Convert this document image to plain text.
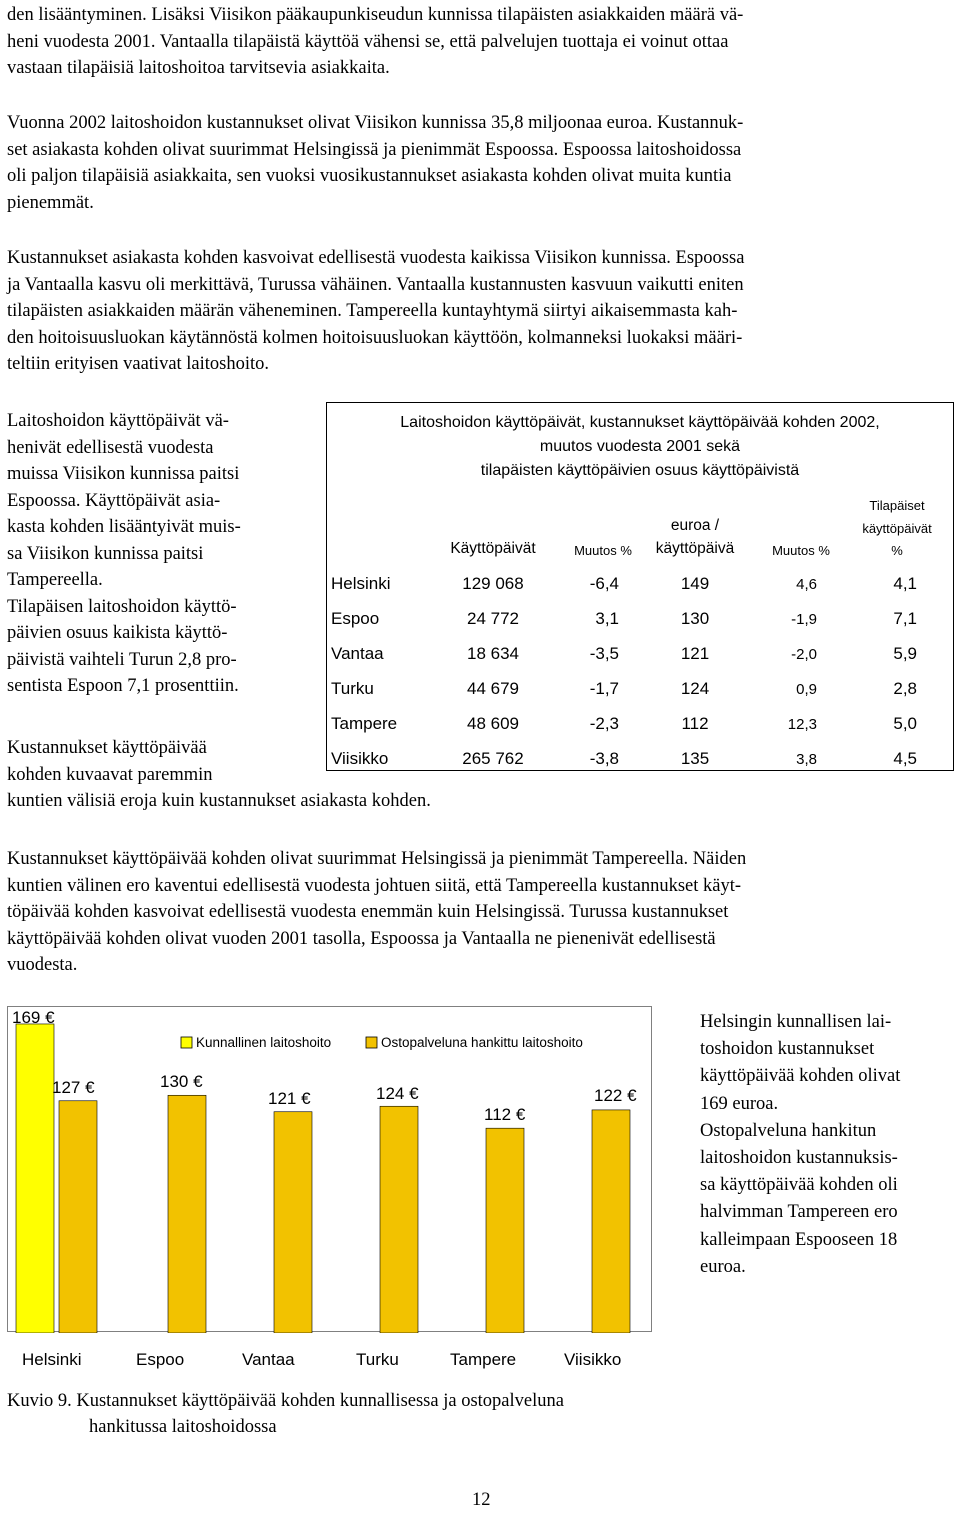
den lisääntyminen. Lisäksi Viisikon pääkaupunkiseudun kunnissa tilapäisten asiakkaiden määrä vä-
heni vuodesta 2001. Vantaalla tilapäistä käyttöä vähensi se, että palvelujen tuottaja ei voinut ottaa
vastaan tilapäisiä laitoshoitoa tarvitsevia asiakkaita.
Vuonna 2002 laitoshoidon kustannukset olivat Viisikon kunnissa 35,8 miljoonaa euroa. Kustannuk-
set asiakasta kohden olivat suurimmat Helsingissä ja pienimmät Espoossa. Espoossa laitoshoidossa
oli paljon tilapäisiä asiakkaita, sen vuoksi vuosikustannukset asiakasta kohden olivat muita kuntia
pienemmät.
Kustannukset asiakasta kohden kasvoivat edellisestä vuodesta kaikissa Viisikon kunnissa. Espoossa
ja Vantaalla kasvu oli merkittävä, Turussa vähäinen. Vantaalla kustannusten kasvuun vaikutti eniten
tilapäisten asiakkaiden määrän väheneminen. Tampereella kuntayhtymä siirtyi aikaisemmasta kah-
den hoitoisuusluokan käytännöstä kolmen hoitoisuusluokan käyttöön, kolmanneksi luokaksi määri-
teltiin erityisen vaativat laitoshoito.
Laitoshoidon käyttöpäivät vä-
henivät edellisestä vuodesta
muissa Viisikon kunnissa paitsi
Espoossa. Käyttöpäivät asia-
kasta kohden lisääntyivät muis-
sa Viisikon kunnissa paitsi
Tampereella.
Tilapäisen laitoshoidon käyttö-
päivien osuus kaikista käyttö-
päivistä vaihteli Turun 2,8 pro-
sentista Espoon 7,1 prosenttiin.
Kustannukset käyttöpäivää
kohden kuvaavat paremmin
kuntien välisiä eroja kuin kustannukset asiakasta kohden.
Laitoshoidon käyttöpäivät, kustannukset käyttöpäivää kohden 2002,
muutos vuodesta 2001 sekä
tilapäisten käyttöpäivien osuus käyttöpäivistä
Käyttöpäivät	Muutos %
euroa /
käyttöpäivä	Muutos %
Tilapäiset
käyttöpäivät
%
Helsinki	129 068	-6,4	149	4,6	4,1
Espoo	24 772	3,1	130	-1,9	7,1
Vantaa	18 634	-3,5	121	-2,0	5,9
Turku	44 679	-1,7	124	0,9	2,8
Tampere	48 609	-2,3	112	12,3	5,0
Viisikko	265 762	-3,8	135	3,8	4,5
Kustannukset käyttöpäivää kohden olivat suurimmat Helsingissä ja pienimmät Tampereella. Näiden
kuntien välinen ero kaventui edellisestä vuodesta johtuen siitä, että Tampereella kustannukset käyt-
töpäivää kohden kasvoivat edellisestä vuodesta enemmän kuin Helsingissä. Turussa kustannukset
käyttöpäivää kohden olivat vuoden 2001 tasolla, Espoossa ja Vantaalla ne pienenivät edellisestä
vuodesta.
169 €
127 €	130 €
121 €	124 €
112 €
122 €
Kunnallinen laitoshoito	Ostopalveluna hankittu laitoshoito
Helsinki	Espoo	Vantaa	Turku	Tampere	Viisikko
Helsingin kunnallisen lai-
toshoidon kustannukset
käyttöpäivää kohden olivat
169 euroa.
Ostopalveluna hankitun
laitoshoidon kustannuksis-
sa käyttöpäivää kohden oli
halvimman Tampereen ero
kalleimpaan Espooseen 18
euroa.
Kuvio 9. Kustannukset käyttöpäivää kohden kunnallisessa ja ostopalveluna
hankitussa laitoshoidossa
12
